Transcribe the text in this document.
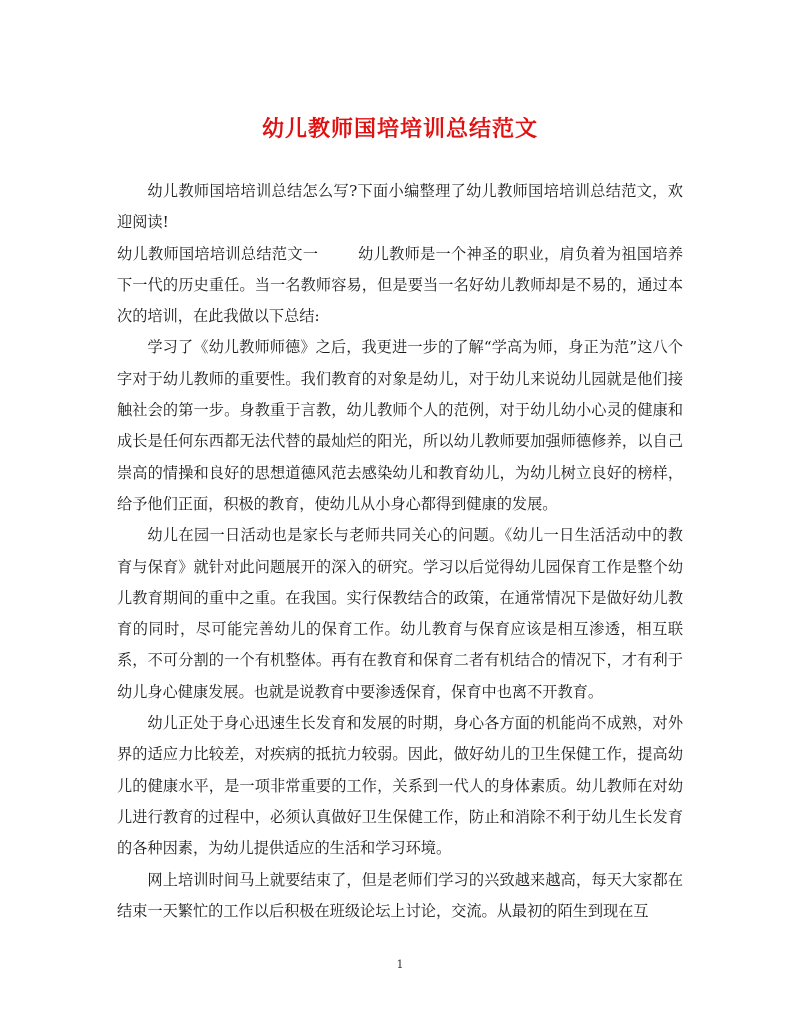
幼儿教师国培培训总结范文

幼儿教师国培培训总结怎么写?下面小编整理了幼儿教师国培培训总结范文，欢迎阅读!

幼儿教师国培培训总结范文一	幼儿教师是一个神圣的职业，肩负着为祖国培养下一代的历史重任。当一名教师容易，但是要当一名好幼儿教师却是不易的，通过本次的培训，在此我做以下总结:

学习了《幼儿教师师德》之后，我更进一步的了解“学高为师，身正为范”这八个字对于幼儿教师的重要性。我们教育的对象是幼儿，对于幼儿来说幼儿园就是他们接触社会的第一步。身教重于言教，幼儿教师个人的范例，对于幼儿幼小心灵的健康和成长是任何东西都无法代替的最灿烂的阳光，所以幼儿教师要加强师德修养，以自己崇高的情操和良好的思想道德风范去感染幼儿和教育幼儿，为幼儿树立良好的榜样，给予他们正面，积极的教育，使幼儿从小身心都得到健康的发展。

幼儿在园一日活动也是家长与老师共同关心的问题。《幼儿一日生活活动中的教育与保育》就针对此问题展开的深入的研究。学习以后觉得幼儿园保育工作是整个幼儿教育期间的重中之重。在我国。实行保教结合的政策，在通常情况下是做好幼儿教育的同时，尽可能完善幼儿的保育工作。幼儿教育与保育应该是相互渗透，相互联系，不可分割的一个有机整体。再有在教育和保育二者有机结合的情况下，才有利于幼儿身心健康发展。也就是说教育中要渗透保育，保育中也离不开教育。

幼儿正处于身心迅速生长发育和发展的时期，身心各方面的机能尚不成熟，对外界的适应力比较差，对疾病的抵抗力较弱。因此，做好幼儿的卫生保健工作，提高幼儿的健康水平，是一项非常重要的工作，关系到一代人的身体素质。幼儿教师在对幼儿进行教育的过程中，必须认真做好卫生保健工作，防止和消除不利于幼儿生长发育的各种因素，为幼儿提供适应的生活和学习环境。

网上培训时间马上就要结束了，但是老师们学习的兴致越来越高，每天大家都在结束一天繁忙的工作以后积极在班级论坛上讨论，交流。从最初的陌生到现在互

1
